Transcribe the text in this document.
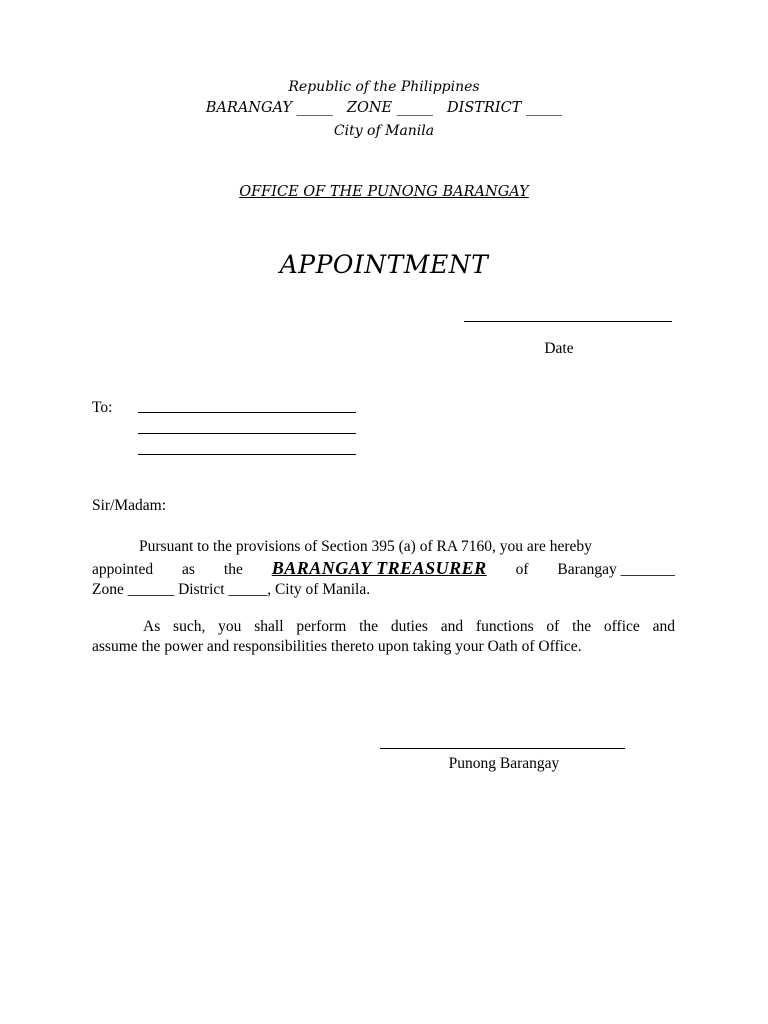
Republic of the Philippines
BARANGAY _____ ZONE _____ DISTRICT _____
City of Manila
OFFICE OF THE PUNONG BARANGAY
APPOINTMENT
Date
To:
Sir/Madam:
Pursuant to the provisions of Section 395 (a) of RA 7160, you are hereby
appointed as the BARANGAY TREASURER of Barangay _______
Zone ______ District _____, City of Manila.
As such, you shall perform the duties and functions of the office and
assume the power and responsibilities thereto upon taking your Oath of Office.
Punong Barangay
